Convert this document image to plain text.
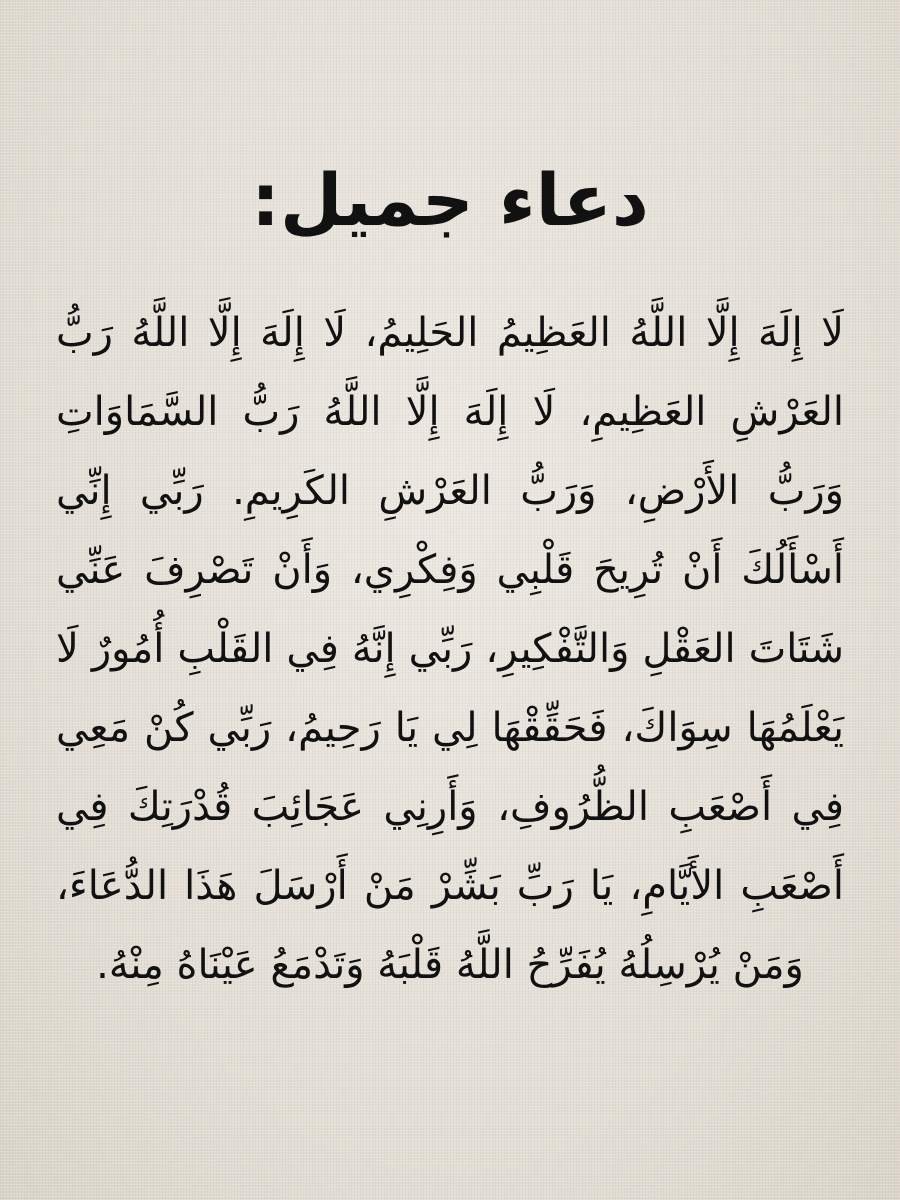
دعاء جميل:

لَا إِلَهَ إِلَّا اللَّهُ العَظِيمُ الحَلِيمُ، لَا إِلَهَ إِلَّا اللَّهُ رَبُّ العَرْشِ العَظِيمِ، لَا إِلَهَ إِلَّا اللَّهُ رَبُّ السَّمَاوَاتِ وَرَبُّ الأَرْضِ، وَرَبُّ العَرْشِ الكَرِيمِ. رَبِّي إِنِّي أَسْأَلُكَ أَنْ تُرِيحَ قَلْبِي وَفِكْرِي، وَأَنْ تَصْرِفَ عَنِّي شَتَاتَ العَقْلِ وَالتَّفْكِيرِ، رَبِّي إِنَّهُ فِي القَلْبِ أُمُورٌ لَا يَعْلَمُهَا سِوَاكَ، فَحَقِّقْهَا لِي يَا رَحِيمُ، رَبِّي كُنْ مَعِي فِي أَصْعَبِ الظُّرُوفِ، وَأَرِنِي عَجَائِبَ قُدْرَتِكَ فِي أَصْعَبِ الأَيَّامِ، يَا رَبِّ بَشِّرْ مَنْ أَرْسَلَ هَذَا الدُّعَاءَ، وَمَنْ يُرْسِلُهُ يُفَرِّحُ اللَّهُ قَلْبَهُ وَتَدْمَعُ عَيْنَاهُ مِنْهُ.
